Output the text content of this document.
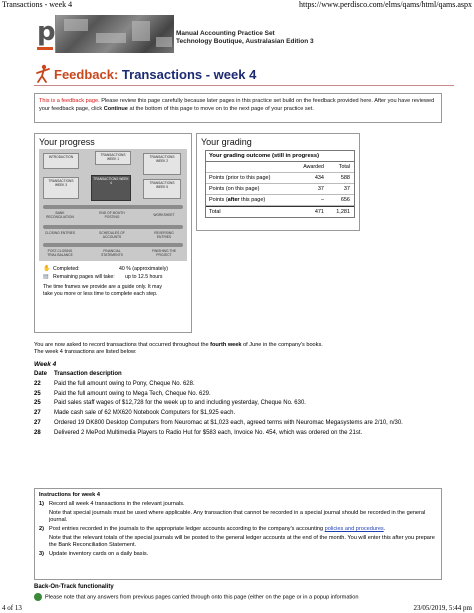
Transactions - week 4	https://www.perdisco.com/elms/qams/html/qams.aspx
p	Manual Accounting Practice Set
Technology Boutique, Australasian Edition 3
Feedback: Transactions - week 4
This is a feedback page. Please review this page carefully because later pages in this practice set build on the feedback provided here. After you have reviewed your feedback page, click Continue at the bottom of this page to move on to the next page of your practice set.
Your progress
INTRODUCTION	TRANSACTIONS WEEK 1	TRANSACTIONS WEEK 2
TRANSACTIONS WEEK 3
TRANSACTIONS WEEK 4	TRANSACTIONS WEEK 5
BANK RECONCILIATION
END OF MONTH POSTING	WORKSHEET
CLOSING ENTRIES	SCHEDULES OF ACCOUNTS
REVERSING ENTRIES
POST-CLOSING TRIAL BALANCE
FINANCIAL STATEMENTS
FINISHING THE PROJECT
✋ Completed:	40 % (approximately)
▤ Remaining pages will take: up to 12.5 hours
The time frames we provide are a guide only. It may take you more or less time to complete each step.
Your grading
Your grading outcome (still in progress)
Awarded	Total
Points (prior to this page)	434	588
Points (on this page)	37	37
Points (after this page)	–	656
Total	471 1,281
You are now asked to record transactions that occurred throughout the fourth week of June in the company's books. The week 4 transactions are listed below:
Week 4
Date Transaction description
22	Paid the full amount owing to Pony, Cheque No. 628.
25	Paid the full amount owing to Mega Tech, Cheque No. 629.
25	Paid sales staff wages of $12,728 for the week up to and including yesterday, Cheque No. 630.
27	Made cash sale of 62 MX620 Notebook Computers for $1,925 each.
27	Ordered 19 DK800 Desktop Computers from Neuromac at $1,023 each, agreed terms with Neuromac Megasystems are 2/10, n/30.
28	Delivered 2 MePod Multimedia Players to Radio Hut for $583 each, Invoice No. 454, which was ordered on the 21st.
Instructions for week 4
1) Record all week 4 transactions in the relevant journals.
Note that special journals must be used where applicable. Any transaction that cannot be recorded in a special journal should be recorded in the general journal.
2) Post entries recorded in the journals to the appropriate ledger accounts according to the company's accounting policies and procedures.
Note that the relevant totals of the special journals will be posted to the general ledger accounts at the end of the month. You will enter this after you prepare the Bank Reconciliation Statement.
3) Update inventory cards on a daily basis.
Back-On-Track functionality
Please note that any answers from previous pages carried through onto this page (either on the page or in a popup information
4 of 13	23/05/2019, 5:44 pm
